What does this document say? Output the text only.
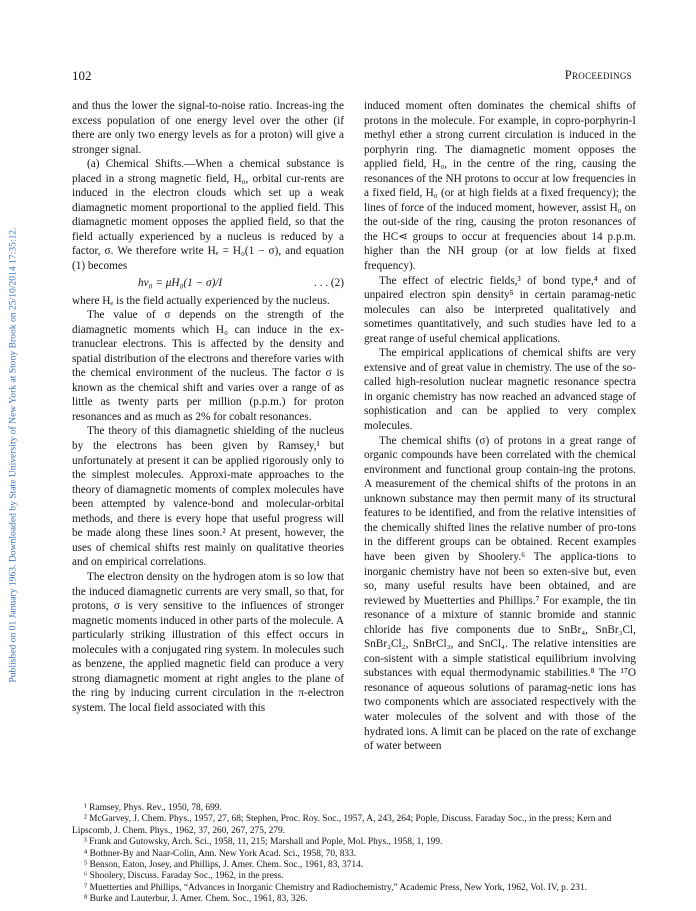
Published on 01 January 1963. Downloaded by State University of New York at Stony Brook on 25/10/2014 17:35:12.
102	Proceedings

and thus the lower the signal-to-noise ratio. Increas-ing the excess population of one energy level over the other (if there are only two energy levels as for a proton) will give a stronger signal.

(a) Chemical Shifts.—When a chemical substance is placed in a strong magnetic field, H₀, orbital cur-rents are induced in the electron clouds which set up a weak diamagnetic moment proportional to the applied field. This diamagnetic moment opposes the applied field, so that the field actually experienced by a nucleus is reduced by a factor, σ. We therefore write Hₑ = H₀(1 − σ), and equation (1) becomes

hν₀ = μH₀(1 − σ)/I	. . . (2)

where Hₑ is the field actually experienced by the nucleus.

The value of σ depends on the strength of the diamagnetic moments which H₀ can induce in the ex-tranuclear electrons. This is affected by the density and spatial distribution of the electrons and therefore varies with the chemical environment of the nucleus. The factor σ is known as the chemical shift and varies over a range of as little as twenty parts per million (p.p.m.) for proton resonances and as much as 2% for cobalt resonances.

The theory of this diamagnetic shielding of the nucleus by the electrons has been given by Ramsey,¹ but unfortunately at present it can be applied rigorously only to the simplest molecules. Approxi-mate approaches to the theory of diamagnetic moments of complex molecules have been attempted by valence-bond and molecular-orbital methods, and there is every hope that useful progress will be made along these lines soon.² At present, however, the uses of chemical shifts rest mainly on qualitative theories and on empirical correlations.

The electron density on the hydrogen atom is so low that the induced diamagnetic currents are very small, so that, for protons, σ is very sensitive to the influences of stronger magnetic moments induced in other parts of the molecule. A particularly striking illustration of this effect occurs in molecules with a conjugated ring system. In molecules such as benzene, the applied magnetic field can produce a very strong diamagnetic moment at right angles to the plane of the ring by inducing current circulation in the π-electron system. The local field associated with this

induced moment often dominates the chemical shifts of protons in the molecule. For example, in copro-porphyrin-I methyl ether a strong current circulation is induced in the porphyrin ring. The diamagnetic moment opposes the applied field, H₀, in the centre of the ring, causing the resonances of the NH protons to occur at low frequencies in a fixed field, H₀ (or at high fields at a fixed frequency); the lines of force of the induced moment, however, assist H₀ on the out-side of the ring, causing the proton resonances of the HC⋖ groups to occur at frequencies about 14 p.p.m. higher than the NH group (or at low fields at fixed frequency).

The effect of electric fields,³ of bond type,⁴ and of unpaired electron spin density⁵ in certain paramag-netic molecules can also be interpreted qualitatively and sometimes quantitatively, and such studies have led to a great range of useful chemical applications.

The empirical applications of chemical shifts are very extensive and of great value in chemistry. The use of the so-called high-resolution nuclear magnetic resonance spectra in organic chemistry has now reached an advanced stage of sophistication and can be applied to very complex molecules.

The chemical shifts (σ) of protons in a great range of organic compounds have been correlated with the chemical environment and functional group contain-ing the protons. A measurement of the chemical shifts of the protons in an unknown substance may then permit many of its structural features to be identified, and from the relative intensities of the chemically shifted lines the relative number of pro-tons in the different groups can be obtained. Recent examples have been given by Shoolery.⁶ The applica-tions to inorganic chemistry have not been so exten-sive but, even so, many useful results have been obtained, and are reviewed by Muetterties and Phillips.⁷ For example, the tin resonance of a mixture of stannic bromide and stannic chloride has five components due to SnBr₄, SnBr₃Cl, SnBr₂Cl₂, SnBrCl₃, and SnCl₄. The relative intensities are con-sistent with a simple statistical equilibrium involving substances with equal thermodynamic stabilities.⁸ The ¹⁷O resonance of aqueous solutions of paramag-netic ions has two components which are associated respectively with the water molecules of the solvent and with those of the hydrated ions. A limit can be placed on the rate of exchange of water between

¹ Ramsey, Phys. Rev., 1950, 78, 699.

² McGarvey, J. Chem. Phys., 1957, 27, 68; Stephen, Proc. Roy. Soc., 1957, A, 243, 264; Pople, Discuss. Faraday Soc., in the press; Kern and Lipscomb, J. Chem. Phys., 1962, 37, 260, 267, 275, 279.

³ Frank and Gutowsky, Arch. Sci., 1958, 11, 215; Marshall and Pople, Mol. Phys., 1958, 1, 199.

⁴ Bothner-By and Naar-Colin, Ann. New York Acad. Sci., 1958, 70, 833.

⁵ Benson, Eaton, Josey, and Phillips, J. Amer. Chem. Soc., 1961, 83, 3714.

⁶ Shoolery, Discuss. Faraday Soc., 1962, in the press.

⁷ Muetterties and Phillips, “Advances in Inorganic Chemistry and Radiochemistry,” Academic Press, New York, 1962, Vol. IV, p. 231.

⁸ Burke and Lauterbur, J. Amer. Chem. Soc., 1961, 83, 326.
